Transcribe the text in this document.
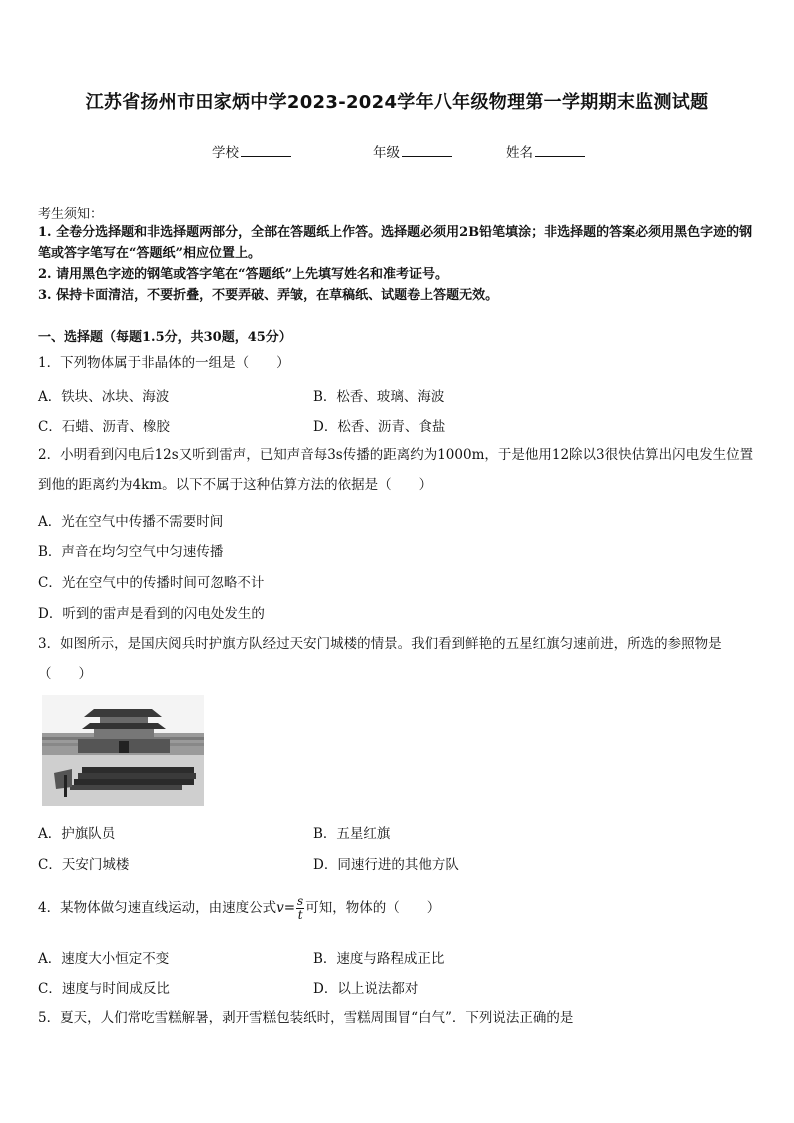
江苏省扬州市田家炳中学2023-2024学年八年级物理第一学期期末监测试题
学校	年级	姓名
考生须知：
1. 全卷分选择题和非选择题两部分，全部在答题纸上作答。选择题必须用2B铅笔填涂；非选择题的答案必须用黑色字迹的钢笔或答字笔写在“答题纸”相应位置上。
2. 请用黑色字迹的钢笔或答字笔在“答题纸”上先填写姓名和准考证号。
3. 保持卡面清洁，不要折叠，不要弄破、弄皱，在草稿纸、试题卷上答题无效。
一、选择题（每题1.5分，共30题，45分）
1．下列物体属于非晶体的一组是（　　）
A．铁块、冰块、海波	B．松香、玻璃、海波
C．石蜡、沥青、橡胶	D．松香、沥青、食盐
2．小明看到闪电后12s又听到雷声，已知声音每3s传播的距离约为1000m，于是他用12除以3很快估算出闪电发生位置到他的距离约为4km。以下不属于这种估算方法的依据是（　　）
A．光在空气中传播不需要时间
B．声音在均匀空气中匀速传播
C．光在空气中的传播时间可忽略不计
D．听到的雷声是看到的闪电处发生的
3．如图所示，是国庆阅兵时护旗方队经过天安门城楼的情景。我们看到鲜艳的五星红旗匀速前进，所选的参照物是（　　）
A．护旗队员	B．五星红旗
C．天安门城楼	D．同速行进的其他方队
4．某物体做匀速直线运动，由速度公式$v= \frac{s}{t}$ 可知，物体的（　　）
A．速度大小恒定不变	B．速度与路程成正比
C．速度与时间成反比	D．以上说法都对
5．夏天，人们常吃雪糕解暑，剥开雪糕包装纸时，雪糕周围冒“白气”．下列说法正确的是
